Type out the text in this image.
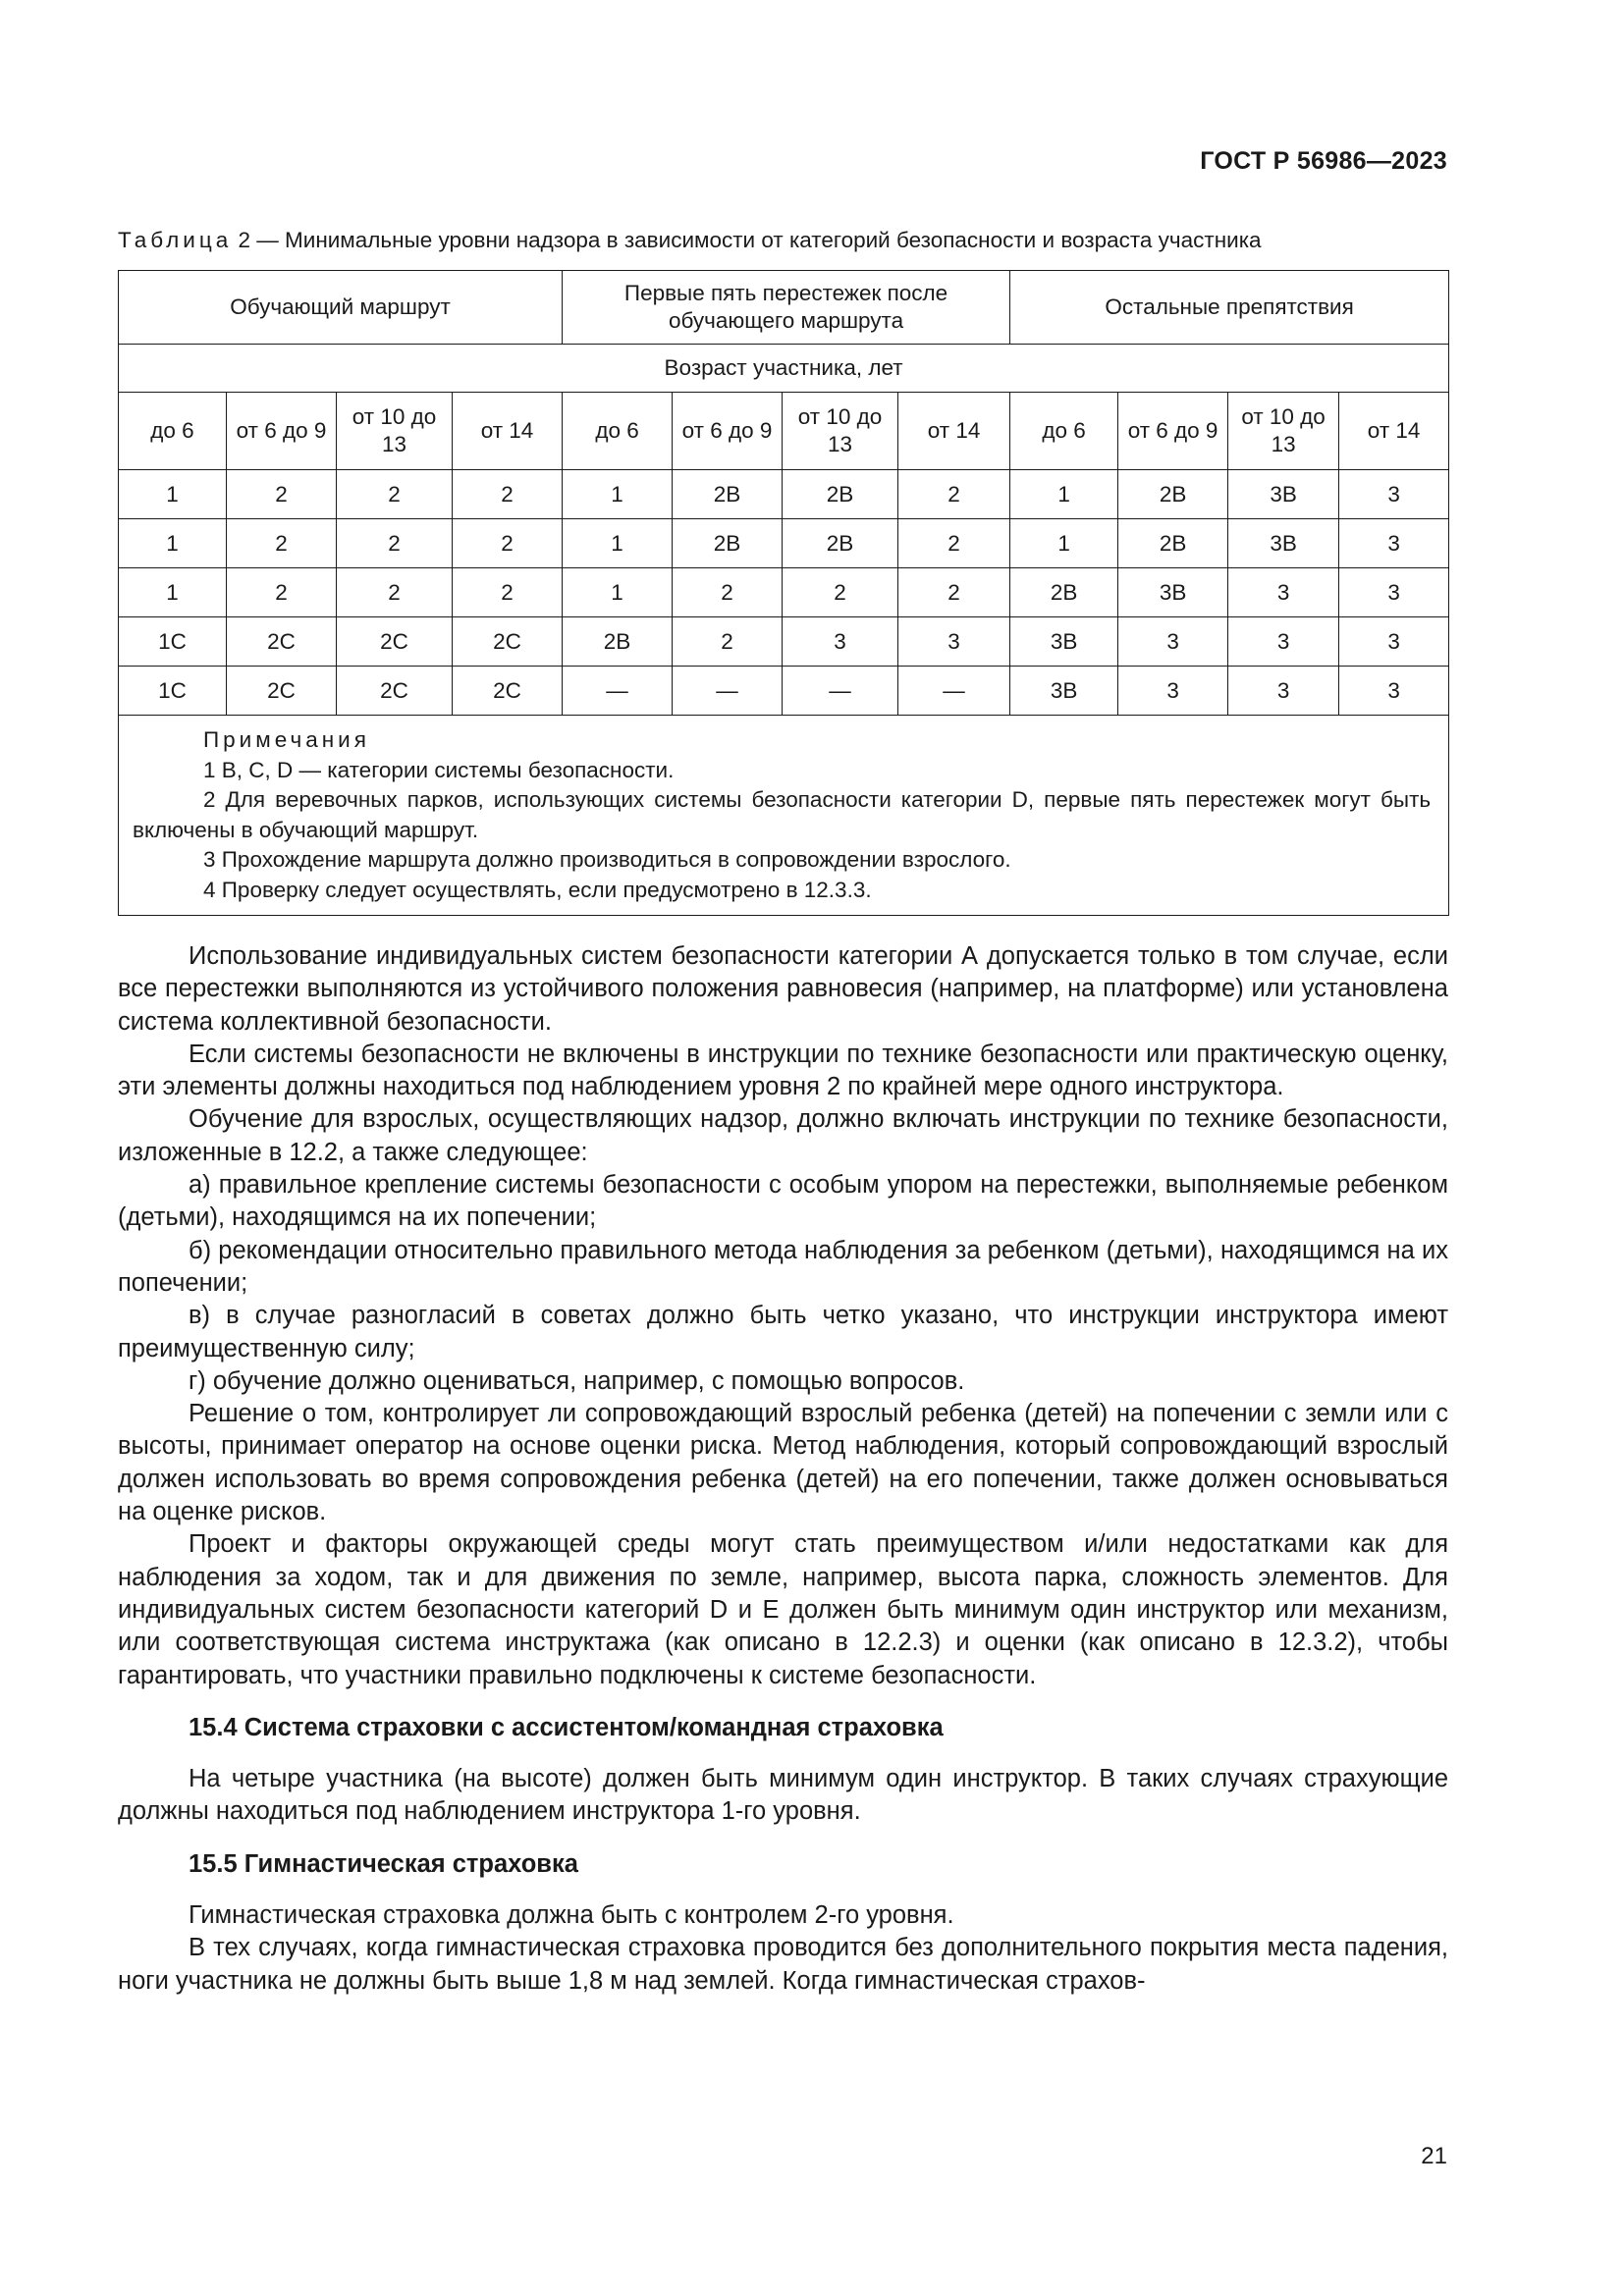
ГОСТ Р 56986—2023
Таблица 2 — Минимальные уровни надзора в зависимости от категорий безопасности и возраста участника
Обучающий маршрут				Первые пять перестежек после обучающего маршрута				Остальные препятствия			
Возраст участника, лет											
до 6	от 6 до 9	от 10 до 13	от 14	до 6	от 6 до 9	от 10 до 13	от 14	до 6	от 6 до 9	от 10 до 13	от 14
1	2	2	2	1	2B	2B	2	1	2B	3B	3
1	2	2	2	1	2B	2B	2	1	2B	3B	3
1	2	2	2	1	2	2	2	2B	3B	3	3
1C	2C	2C	2C	2B	2	3	3	3B	3	3	3
1C	2C	2C	2C	—	—	—	—	3B	3	3	3

Примечания
1 B, C, D — категории системы безопасности.
2 Для веревочных парков, использующих системы безопасности категории D, первые пять перестежек могут быть включены в обучающий маршрут.
3 Прохождение маршрута должно производиться в сопровождении взрослого.
4 Проверку следует осуществлять, если предусмотрено в 12.3.3.											

Использование индивидуальных систем безопасности категории А допускается только в том случае, если все перестежки выполняются из устойчивого положения равновесия (например, на платформе) или установлена система коллективной безопасности.

Если системы безопасности не включены в инструкции по технике безопасности или практическую оценку, эти элементы должны находиться под наблюдением уровня 2 по крайней мере одного инструктора.

Обучение для взрослых, осуществляющих надзор, должно включать инструкции по технике безопасности, изложенные в 12.2, а также следующее:

а) правильное крепление системы безопасности с особым упором на перестежки, выполняемые ребенком (детьми), находящимся на их попечении;

б) рекомендации относительно правильного метода наблюдения за ребенком (детьми), находящимся на их попечении;

в) в случае разногласий в советах должно быть четко указано, что инструкции инструктора имеют преимущественную силу;

г) обучение должно оцениваться, например, с помощью вопросов.

Решение о том, контролирует ли сопровождающий взрослый ребенка (детей) на попечении с земли или с высоты, принимает оператор на основе оценки риска. Метод наблюдения, который сопровождающий взрослый должен использовать во время сопровождения ребенка (детей) на его попечении, также должен основываться на оценке рисков.

Проект и факторы окружающей среды могут стать преимуществом и/или недостатками как для наблюдения за ходом, так и для движения по земле, например, высота парка, сложность элементов. Для индивидуальных систем безопасности категорий D и E должен быть минимум один инструктор или механизм, или соответствующая система инструктажа (как описано в 12.2.3) и оценки (как описано в 12.3.2), чтобы гарантировать, что участники правильно подключены к системе безопасности.

15.4 Система страховки с ассистентом/командная страховка

На четыре участника (на высоте) должен быть минимум один инструктор. В таких случаях страхующие должны находиться под наблюдением инструктора 1-го уровня.

15.5 Гимнастическая страховка

Гимнастическая страховка должна быть с контролем 2-го уровня.

В тех случаях, когда гимнастическая страховка проводится без дополнительного покрытия места падения, ноги участника не должны быть выше 1,8 м над землей. Когда гимнастическая страхов-

21
